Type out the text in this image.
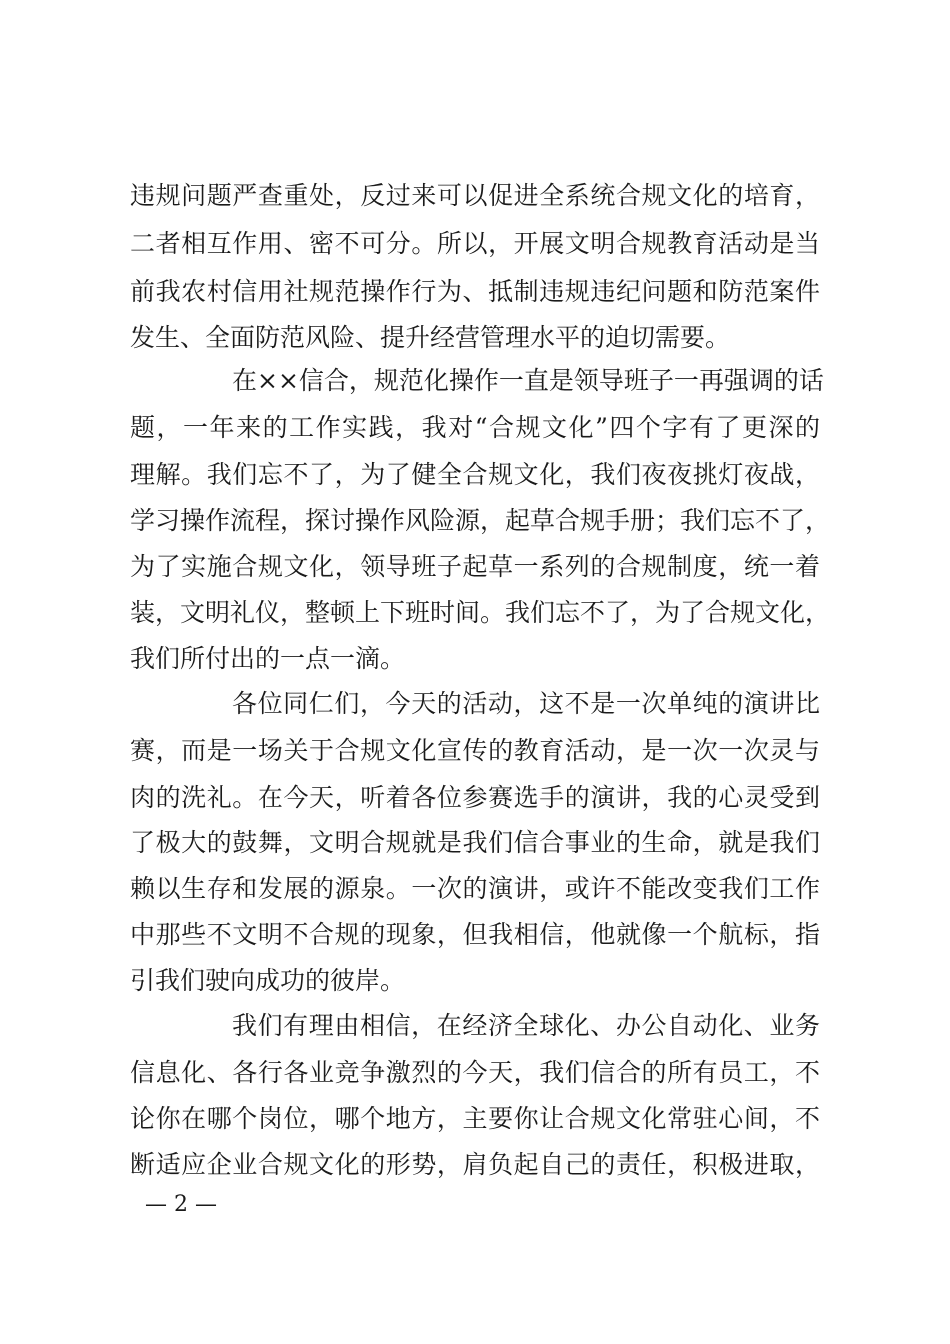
违规问题严查重处，反过来可以促进全系统合规文化的培育，
二者相互作用、密不可分。所以，开展文明合规教育活动是当
前我农村信用社规范操作行为、抵制违规违纪问题和防范案件
发生、全面防范风险、提升经营管理水平的迫切需要。
在××信合，规范化操作一直是领导班子一再强调的话
题，一年来的工作实践，我对“合规文化”四个字有了更深的
理解。我们忘不了，为了健全合规文化，我们夜夜挑灯夜战，
学习操作流程，探讨操作风险源，起草合规手册；我们忘不了，
为了实施合规文化，领导班子起草一系列的合规制度，统一着
装，文明礼仪，整顿上下班时间。我们忘不了，为了合规文化，
我们所付出的一点一滴。
各位同仁们，今天的活动，这不是一次单纯的演讲比
赛，而是一场关于合规文化宣传的教育活动，是一次一次灵与
肉的洗礼。在今天，听着各位参赛选手的演讲，我的心灵受到
了极大的鼓舞，文明合规就是我们信合事业的生命，就是我们
赖以生存和发展的源泉。一次的演讲，或许不能改变我们工作
中那些不文明不合规的现象，但我相信，他就像一个航标，指
引我们驶向成功的彼岸。
我们有理由相信，在经济全球化、办公自动化、业务
信息化、各行各业竞争激烈的今天，我们信合的所有员工，不
论你在哪个岗位，哪个地方，主要你让合规文化常驻心间，不
断适应企业合规文化的形势，肩负起自己的责任，积极进取，
— 2 —
